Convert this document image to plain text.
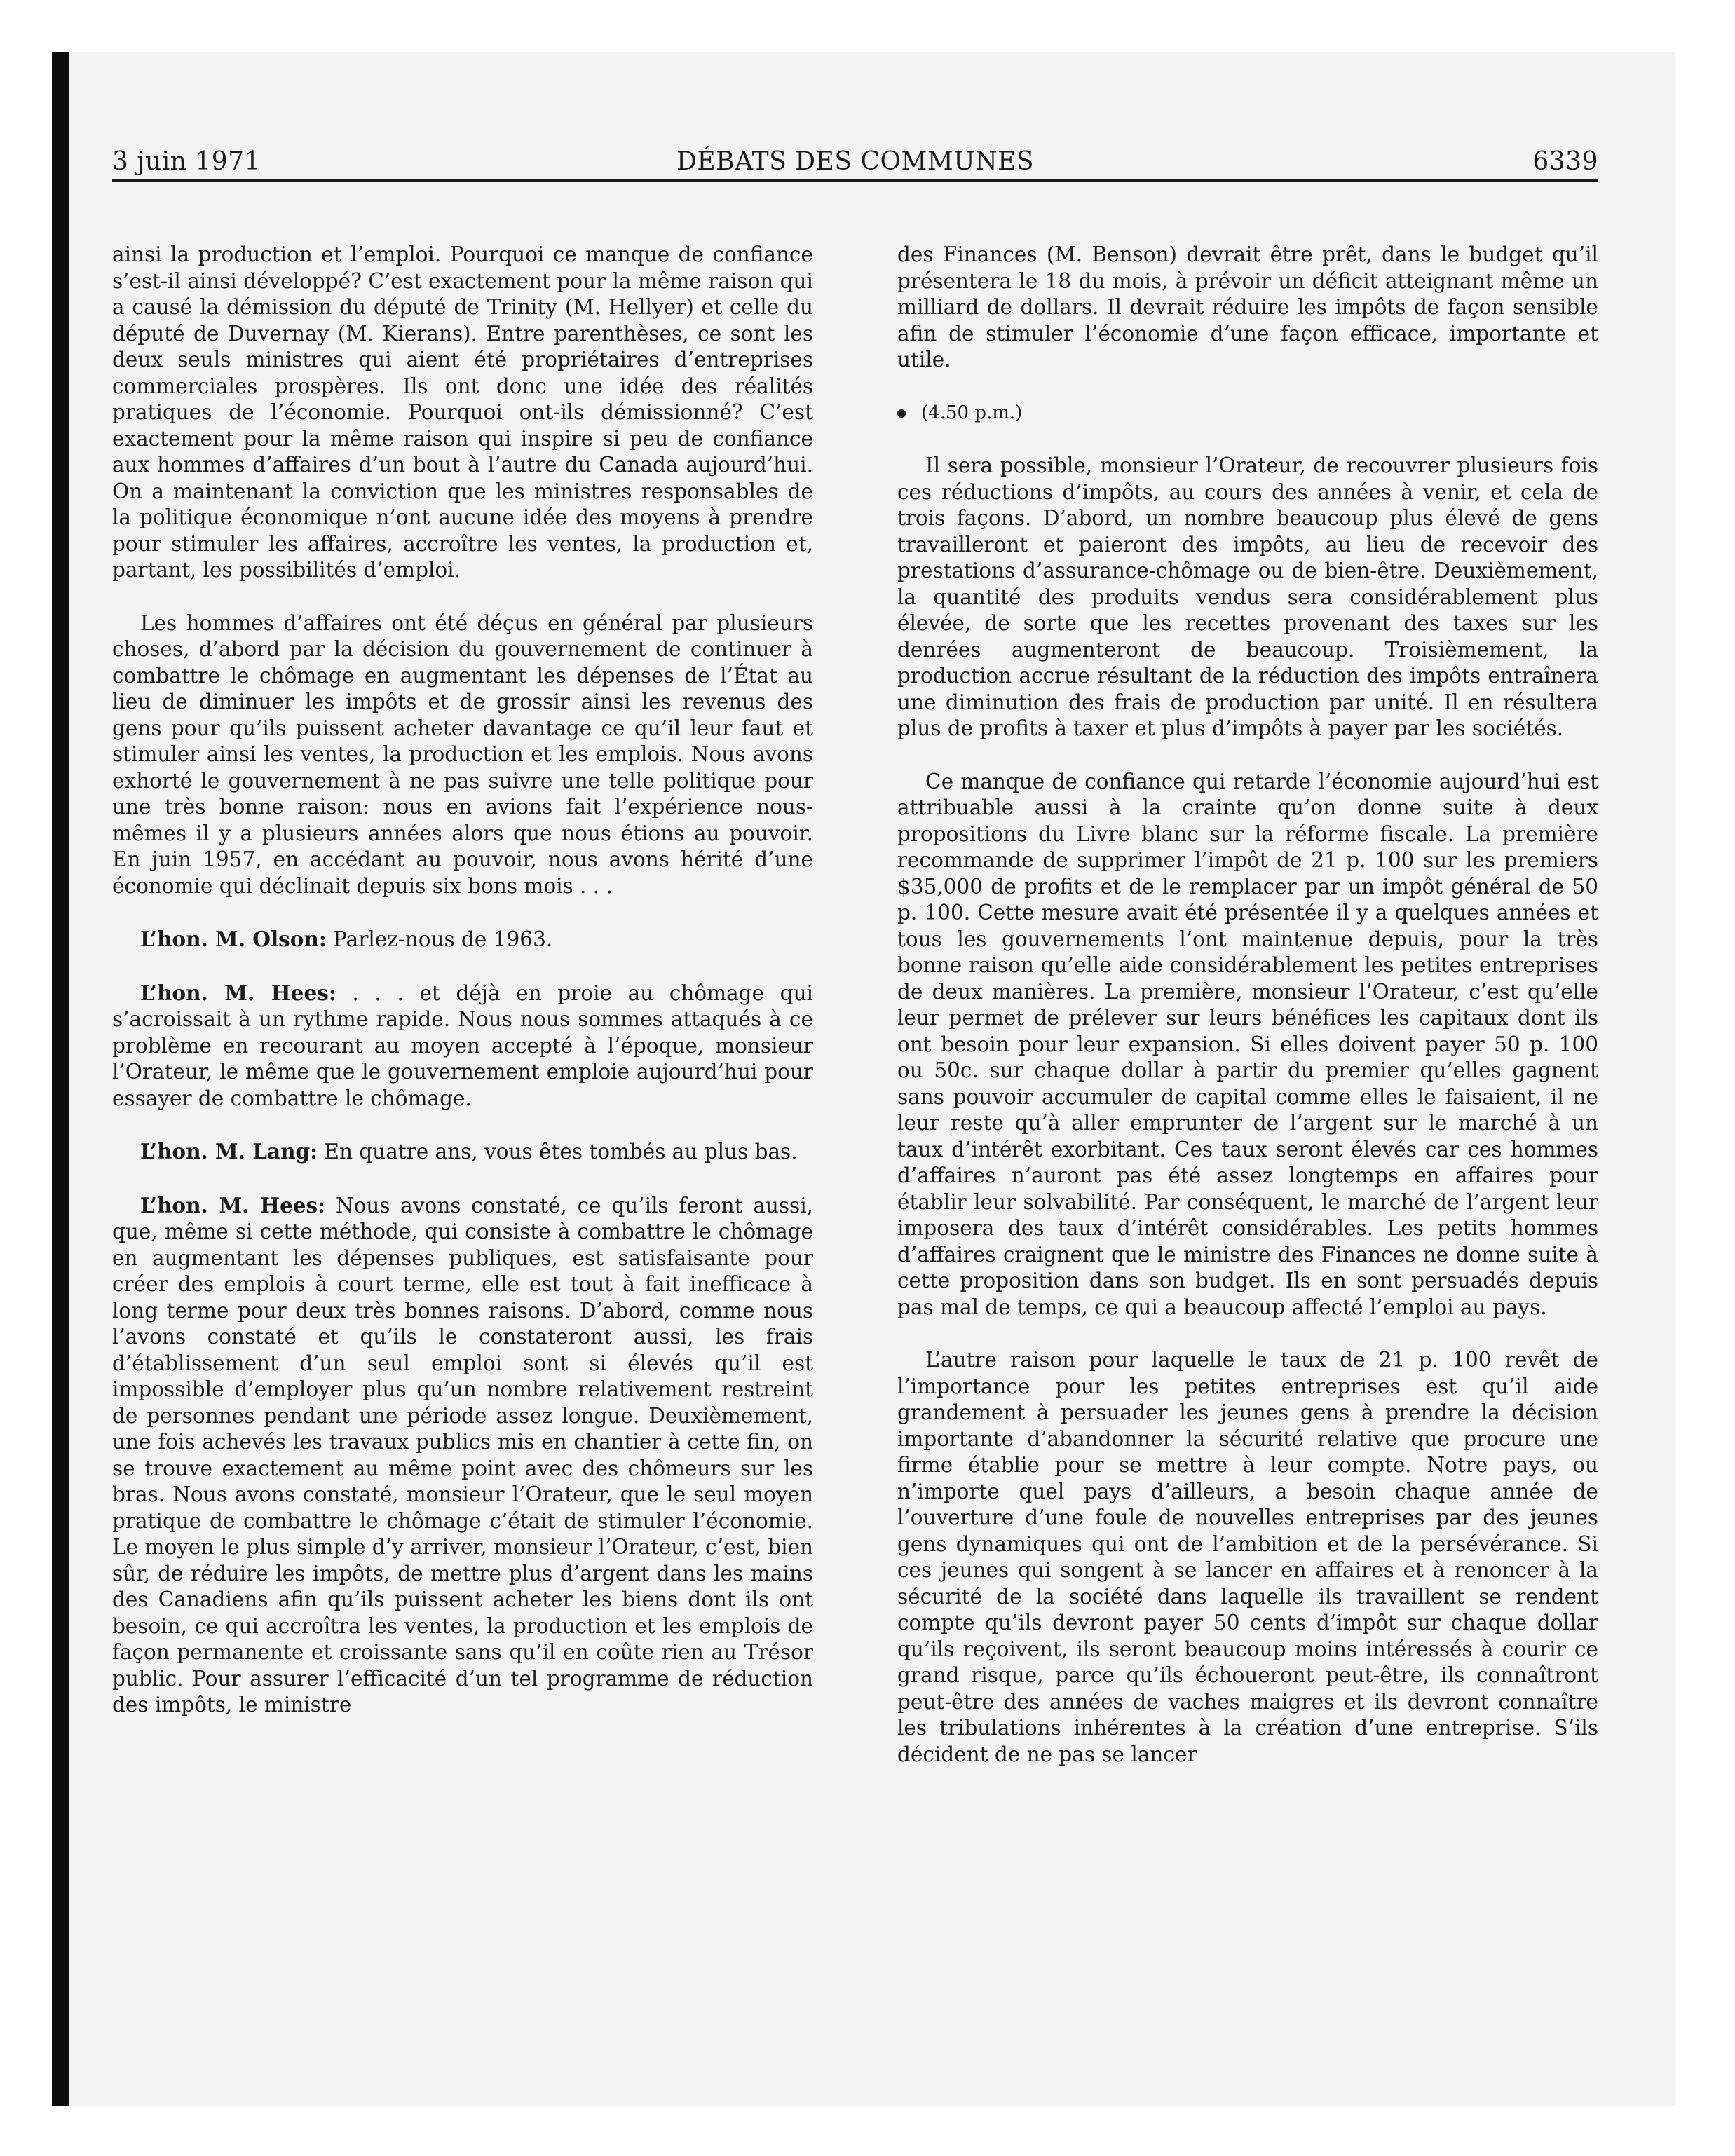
3 juin 1971	DÉBATS DES COMMUNES	6339

ainsi la production et l’emploi. Pourquoi ce manque de confiance s’est-il ainsi développé? C’est exactement pour la même raison qui a causé la démission du député de Trinity (M. Hellyer) et celle du député de Duvernay (M. Kierans). Entre parenthèses, ce sont les deux seuls ministres qui aient été propriétaires d’entreprises commerciales prospères. Ils ont donc une idée des réalités pratiques de l’économie. Pourquoi ont-ils démissionné? C’est exactement pour la même raison qui inspire si peu de confiance aux hommes d’affaires d’un bout à l’autre du Canada aujourd’hui. On a maintenant la conviction que les ministres responsables de la politique économique n’ont aucune idée des moyens à prendre pour stimuler les affaires, accroître les ventes, la production et, partant, les possibilités d’emploi.

Les hommes d’affaires ont été déçus en général par plusieurs choses, d’abord par la décision du gouvernement de continuer à combattre le chômage en augmentant les dépenses de l’État au lieu de diminuer les impôts et de grossir ainsi les revenus des gens pour qu’ils puissent acheter davantage ce qu’il leur faut et stimuler ainsi les ventes, la production et les emplois. Nous avons exhorté le gouvernement à ne pas suivre une telle politique pour une très bonne raison: nous en avions fait l’expérience nous-mêmes il y a plusieurs années alors que nous étions au pouvoir. En juin 1957, en accédant au pouvoir, nous avons hérité d’une économie qui déclinait depuis six bons mois . . .

L’hon. M. Olson: Parlez-nous de 1963.

L’hon. M. Hees: . . . et déjà en proie au chômage qui s’acroissait à un rythme rapide. Nous nous sommes attaqués à ce problème en recourant au moyen accepté à l’époque, monsieur l’Orateur, le même que le gouvernement emploie aujourd’hui pour essayer de combattre le chômage.

L’hon. M. Lang: En quatre ans, vous êtes tombés au plus bas.

L’hon. M. Hees: Nous avons constaté, ce qu’ils feront aussi, que, même si cette méthode, qui consiste à combattre le chômage en augmentant les dépenses publiques, est satisfaisante pour créer des emplois à court terme, elle est tout à fait inefficace à long terme pour deux très bonnes raisons. D’abord, comme nous l’avons constaté et qu’ils le constateront aussi, les frais d’établissement d’un seul emploi sont si élevés qu’il est impossible d’employer plus qu’un nombre relativement restreint de personnes pendant une période assez longue. Deuxièmement, une fois achevés les travaux publics mis en chantier à cette fin, on se trouve exactement au même point avec des chômeurs sur les bras. Nous avons constaté, monsieur l’Orateur, que le seul moyen pratique de combattre le chômage c’était de stimuler l’économie. Le moyen le plus simple d’y arriver, monsieur l’Orateur, c’est, bien sûr, de réduire les impôts, de mettre plus d’argent dans les mains des Canadiens afin qu’ils puissent acheter les biens dont ils ont besoin, ce qui accroîtra les ventes, la production et les emplois de façon permanente et croissante sans qu’il en coûte rien au Trésor public. Pour assurer l’efficacité d’un tel programme de réduction des impôts, le ministre

des Finances (M. Benson) devrait être prêt, dans le budget qu’il présentera le 18 du mois, à prévoir un déficit atteignant même un milliard de dollars. Il devrait réduire les impôts de façon sensible afin de stimuler l’économie d’une façon efficace, importante et utile.

(4.50 p.m.)

Il sera possible, monsieur l’Orateur, de recouvrer plusieurs fois ces réductions d’impôts, au cours des années à venir, et cela de trois façons. D’abord, un nombre beaucoup plus élevé de gens travailleront et paieront des impôts, au lieu de recevoir des prestations d’assurance-chômage ou de bien-être. Deuxièmement, la quantité des produits vendus sera considérablement plus élevée, de sorte que les recettes provenant des taxes sur les denrées augmenteront de beaucoup. Troisièmement, la production accrue résultant de la réduction des impôts entraînera une diminution des frais de production par unité. Il en résultera plus de profits à taxer et plus d’impôts à payer par les sociétés.

Ce manque de confiance qui retarde l’économie aujourd’hui est attribuable aussi à la crainte qu’on donne suite à deux propositions du Livre blanc sur la réforme fiscale. La première recommande de supprimer l’impôt de 21 p. 100 sur les premiers $35,000 de profits et de le remplacer par un impôt général de 50 p. 100. Cette mesure avait été présentée il y a quelques années et tous les gouvernements l’ont maintenue depuis, pour la très bonne raison qu’elle aide considérablement les petites entreprises de deux manières. La première, monsieur l’Orateur, c’est qu’elle leur permet de prélever sur leurs bénéfices les capitaux dont ils ont besoin pour leur expansion. Si elles doivent payer 50 p. 100 ou 50c. sur chaque dollar à partir du premier qu’elles gagnent sans pouvoir accumuler de capital comme elles le faisaient, il ne leur reste qu’à aller emprunter de l’argent sur le marché à un taux d’intérêt exorbitant. Ces taux seront élevés car ces hommes d’affaires n’auront pas été assez longtemps en affaires pour établir leur solvabilité. Par conséquent, le marché de l’argent leur imposera des taux d’intérêt considérables. Les petits hommes d’affaires craignent que le ministre des Finances ne donne suite à cette proposition dans son budget. Ils en sont persuadés depuis pas mal de temps, ce qui a beaucoup affecté l’emploi au pays.

L’autre raison pour laquelle le taux de 21 p. 100 revêt de l’importance pour les petites entreprises est qu’il aide grandement à persuader les jeunes gens à prendre la décision importante d’abandonner la sécurité relative que procure une firme établie pour se mettre à leur compte. Notre pays, ou n’importe quel pays d’ailleurs, a besoin chaque année de l’ouverture d’une foule de nouvelles entreprises par des jeunes gens dynamiques qui ont de l’ambition et de la persévérance. Si ces jeunes qui songent à se lancer en affaires et à renoncer à la sécurité de la société dans laquelle ils travaillent se rendent compte qu’ils devront payer 50 cents d’impôt sur chaque dollar qu’ils reçoivent, ils seront beaucoup moins intéressés à courir ce grand risque, parce qu’ils échoueront peut-être, ils connaîtront peut-être des années de vaches maigres et ils devront connaître les tribulations inhérentes à la création d’une entreprise. S’ils décident de ne pas se lancer
